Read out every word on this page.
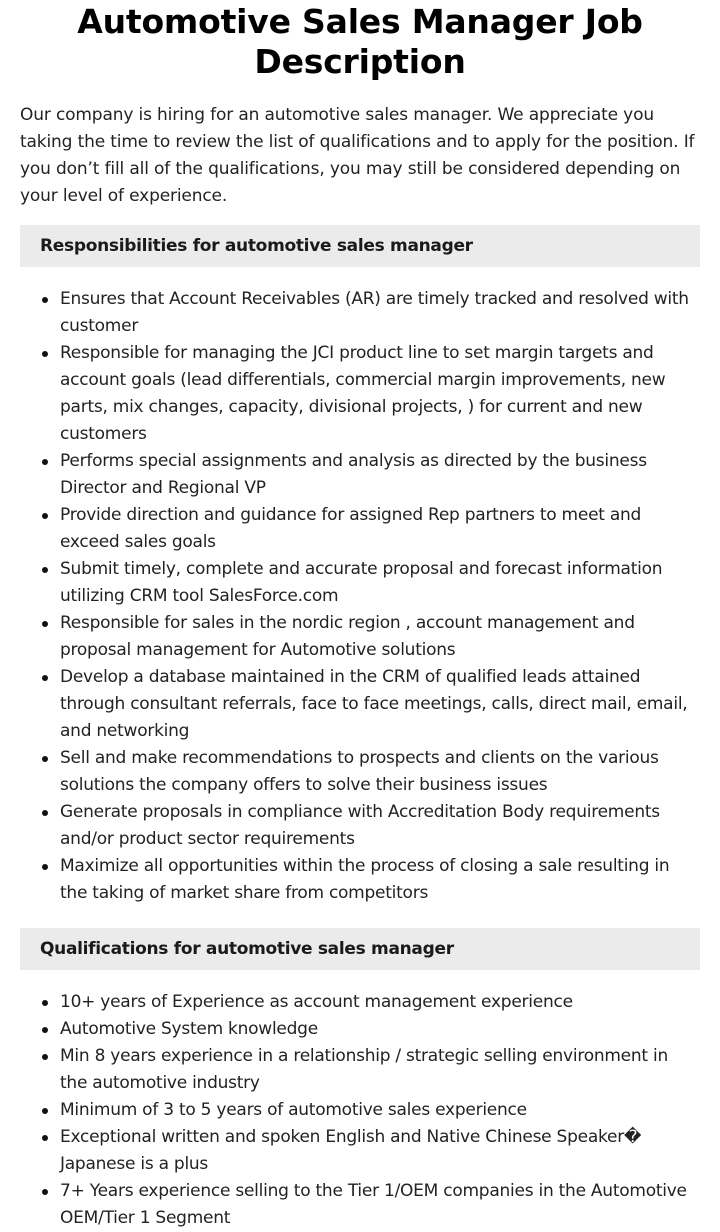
Automotive Sales Manager Job Description

Our company is hiring for an automotive sales manager. We appreciate you taking the time to review the list of qualifications and to apply for the position. If you don’t fill all of the qualifications, you may still be considered depending on your level of experience.

Responsibilities for automotive sales manager
Ensures that Account Receivables (AR) are timely tracked and resolved with customer
Responsible for managing the JCI product line to set margin targets and account goals (lead differentials, commercial margin improvements, new parts, mix changes, capacity, divisional projects, ) for current and new customers
Performs special assignments and analysis as directed by the business Director and Regional VP
Provide direction and guidance for assigned Rep partners to meet and exceed sales goals
Submit timely, complete and accurate proposal and forecast information utilizing CRM tool SalesForce.com
Responsible for sales in the nordic region , account management and proposal management for Automotive solutions
Develop a database maintained in the CRM of qualified leads attained through consultant referrals, face to face meetings, calls, direct mail, email, and networking
Sell and make recommendations to prospects and clients on the various solutions the company offers to solve their business issues
Generate proposals in compliance with Accreditation Body requirements and/or product sector requirements
Maximize all opportunities within the process of closing a sale resulting in the taking of market share from competitors
Qualifications for automotive sales manager
10+ years of Experience as account management experience
Automotive System knowledge
Min 8 years experience in a relationship / strategic selling environment in the automotive industry
Minimum of 3 to 5 years of automotive sales experience
Exceptional written and spoken English and Native Chinese Speaker� Japanese is a plus
7+ Years experience selling to the Tier 1/OEM companies in the Automotive OEM/Tier 1 Segment
